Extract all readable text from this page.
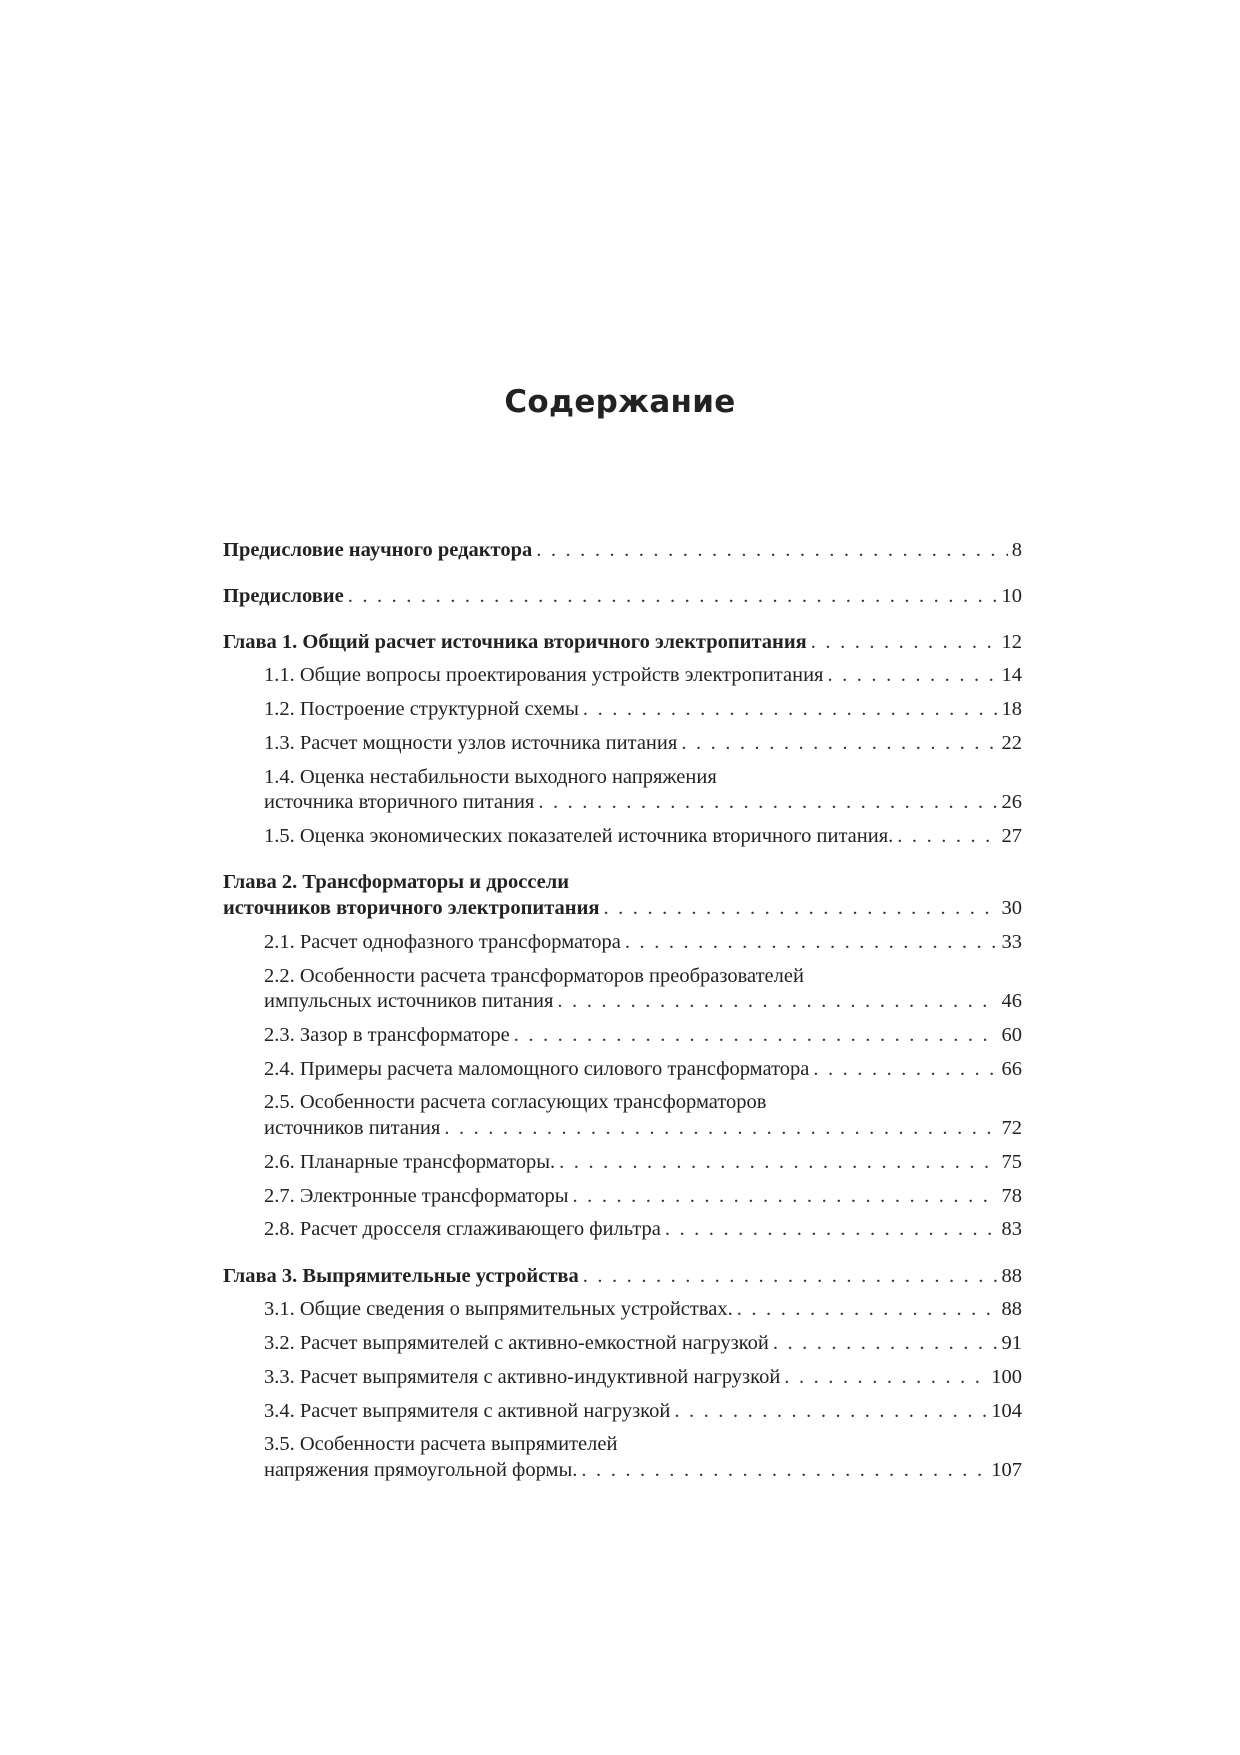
Содержание
Предисловие научного редактора . . .	8
Предисловие . . .	10
Глава 1. Общий расчет источника вторичного электропитания . . .	12
1.1. Общие вопросы проектирования устройств электропитания . . .	14
1.2. Построение структурной схемы . . .	18
1.3. Расчет мощности узлов источника питания . . .	22
1.4. Оценка нестабильности выходного напряжения
источника вторичного питания . . .	26
1.5. Оценка экономических показателей источника вторичного питания. . . .	27
Глава 2. Трансформаторы и дроссели
источников вторичного электропитания . . .	30
2.1. Расчет однофазного трансформатора . . .	33
2.2. Особенности расчета трансформаторов преобразователей
импульсных источников питания . . .	46
2.3. Зазор в трансформаторе . . .	60
2.4. Примеры расчета маломощного силового трансформатора . . .	66
2.5. Особенности расчета согласующих трансформаторов
источников питания . . .	72
2.6. Планарные трансформаторы. . . .	75
2.7. Электронные трансформаторы . . .	78
2.8. Расчет дросселя сглаживающего фильтра . . .	83
Глава 3. Выпрямительные устройства . . .	88
3.1. Общие сведения о выпрямительных устройствах. . . .	88
3.2. Расчет выпрямителей с активно-емкостной нагрузкой . . .	91
3.3. Расчет выпрямителя с активно-индуктивной нагрузкой . . .	100
3.4. Расчет выпрямителя с активной нагрузкой . . .	104
3.5. Особенности расчета выпрямителей
напряжения прямоугольной формы. . . .	107
